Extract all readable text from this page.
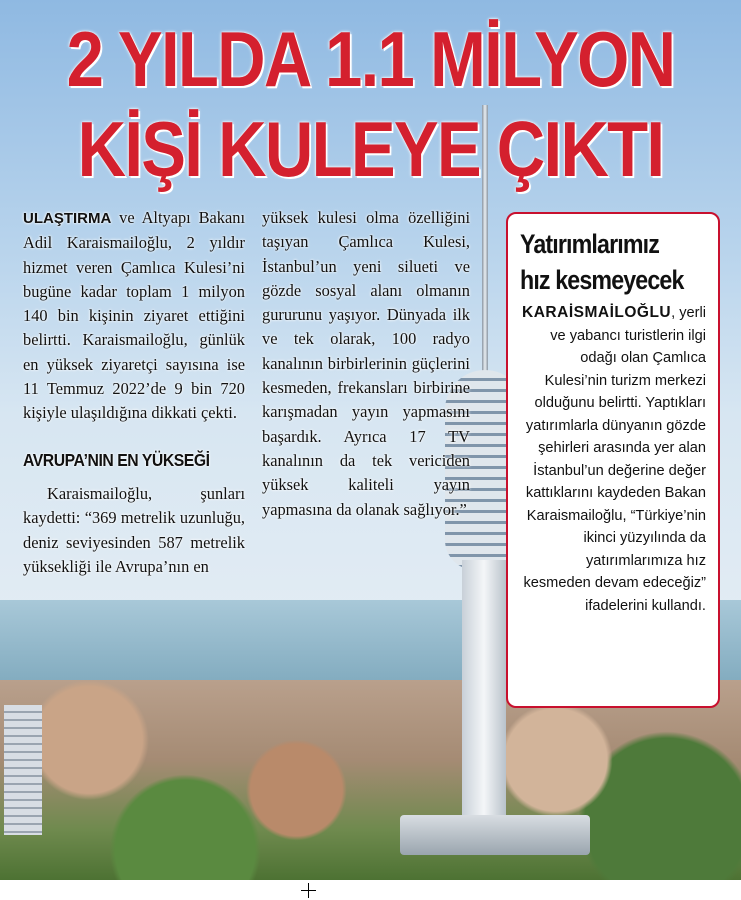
2 YILDA 1.1 MİLYON
KİŞİ KULEYE ÇIKTI

ULAŞTIRMA ve Altyapı Bakanı Adil Karaismailoğlu, 2 yıldır hizmet veren Çamlıca Kulesi’ni bugüne kadar toplam 1 milyon 140 bin kişinin ziyaret ettiğini belirtti. Karaismailoğlu, günlük en yüksek ziyaretçi sayısına ise 11 Temmuz 2022’de 9 bin 720 kişiyle ulaşıldığına dikkati çekti.

AVRUPA’NIN EN YÜKSEĞİ

Karaismailoğlu, şunları kaydetti: “369 metrelik uzunluğu, deniz seviyesinden 587 metrelik yüksekliği ile Avrupa’nın en

yüksek kulesi olma özelliğini taşıyan Çamlıca Kulesi, İstanbul’un yeni silueti ve gözde sosyal alanı olmanın gururunu yaşıyor. Dünyada ilk ve tek olarak, 100 radyo kanalının birbirlerinin güçlerini kesmeden, frekansları birbirine karışmadan yayın yapmasını başardık. Ayrıca 17 TV kanalının da tek vericiden yüksek kaliteli yayın yapmasına da olanak sağlıyor.”

Yatırımlarımız
hız kesmeyecek
KARAİSMAİLOĞLU, yerli ve yabancı turistlerin ilgi odağı olan Çamlıca Kulesi’nin turizm merkezi olduğunu belirtti. Yaptıkları yatırımlarla dünyanın gözde şehirleri arasında yer alan İstanbul’un değerine değer kattıklarını kaydeden Bakan Karaismailoğlu, “Türkiye’nin ikinci yüzyılında da yatırımlarımıza hız kesmeden devam edeceğiz” ifadelerini kullandı.
